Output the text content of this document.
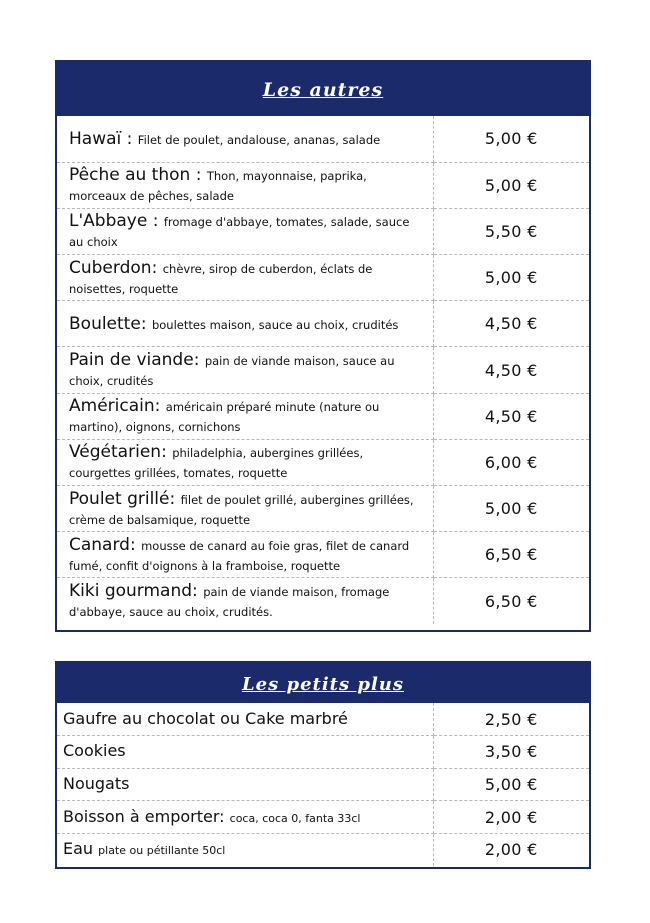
Les autres
Hawaï : Filet de poulet, andalouse, ananas, salade	5,00 €

Pêche au thon : Thon, mayonnaise, paprika, morceaux de pêches, salade	5,00 €

L'Abbaye : fromage d'abbaye, tomates, salade, sauce au choix	5,50 €

Cuberdon: chèvre, sirop de cuberdon, éclats de noisettes, roquette	5,00 €

Boulette: boulettes maison, sauce au choix, crudités	4,50 €

Pain de viande: pain de viande maison, sauce au choix, crudités	4,50 €

Américain: américain préparé minute (nature ou martino), oignons, cornichons	4,50 €

Végétarien: philadelphia, aubergines grillées, courgettes grillées, tomates, roquette	6,00 €

Poulet grillé: filet de poulet grillé, aubergines grillées, crème de balsamique, roquette	5,00 €

Canard: mousse de canard au foie gras, filet de canard fumé, confit d'oignons à la framboise, roquette	6,50 €

Kiki gourmand: pain de viande maison, fromage d'abbaye, sauce au choix, crudités.	6,50 €
Les petits plus
Gaufre au chocolat ou Cake marbré	2,50 €

Cookies	3,50 €

Nougats	5,00 €

Boisson à emporter: coca, coca 0, fanta 33cl	2,00 €

Eau plate ou pétillante 50cl	2,00 €
